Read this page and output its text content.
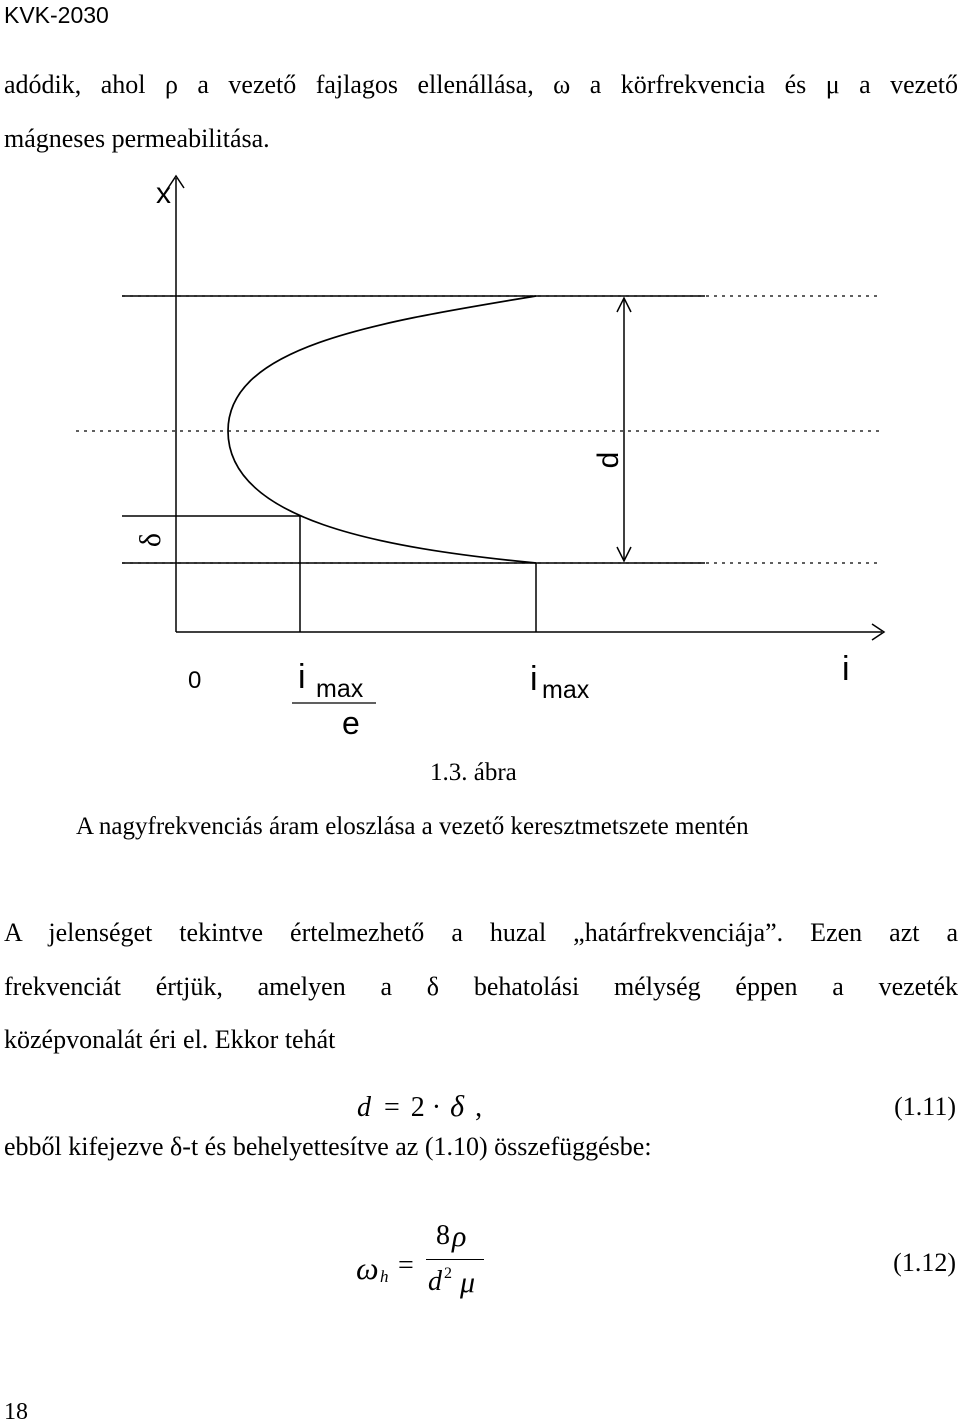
KVK-2030
adódik, ahol ρ a vezető fajlagos ellenállása, ω a körfrekvencia és μ a vezető
mágneses permeabilitása.
x
i
0
δ
d
i max
e
i max
1.3. ábra
A nagyfrekvenciás áram eloszlása a vezető keresztmetszete mentén
A jelenséget tekintve értelmezhető a huzal „határfrekvenciája”. Ezen azt a
frekvenciát értjük, amelyen a δ behatolási mélység éppen a vezeték
középvonalát éri el. Ekkor tehát
d = 2 · δ ,	(1.11)
ebből kifejezve δ-t és behelyettesítve az (1.10) összefüggésbe:
ω h =
8 ρ
d 2 μ
(1.12)
18
